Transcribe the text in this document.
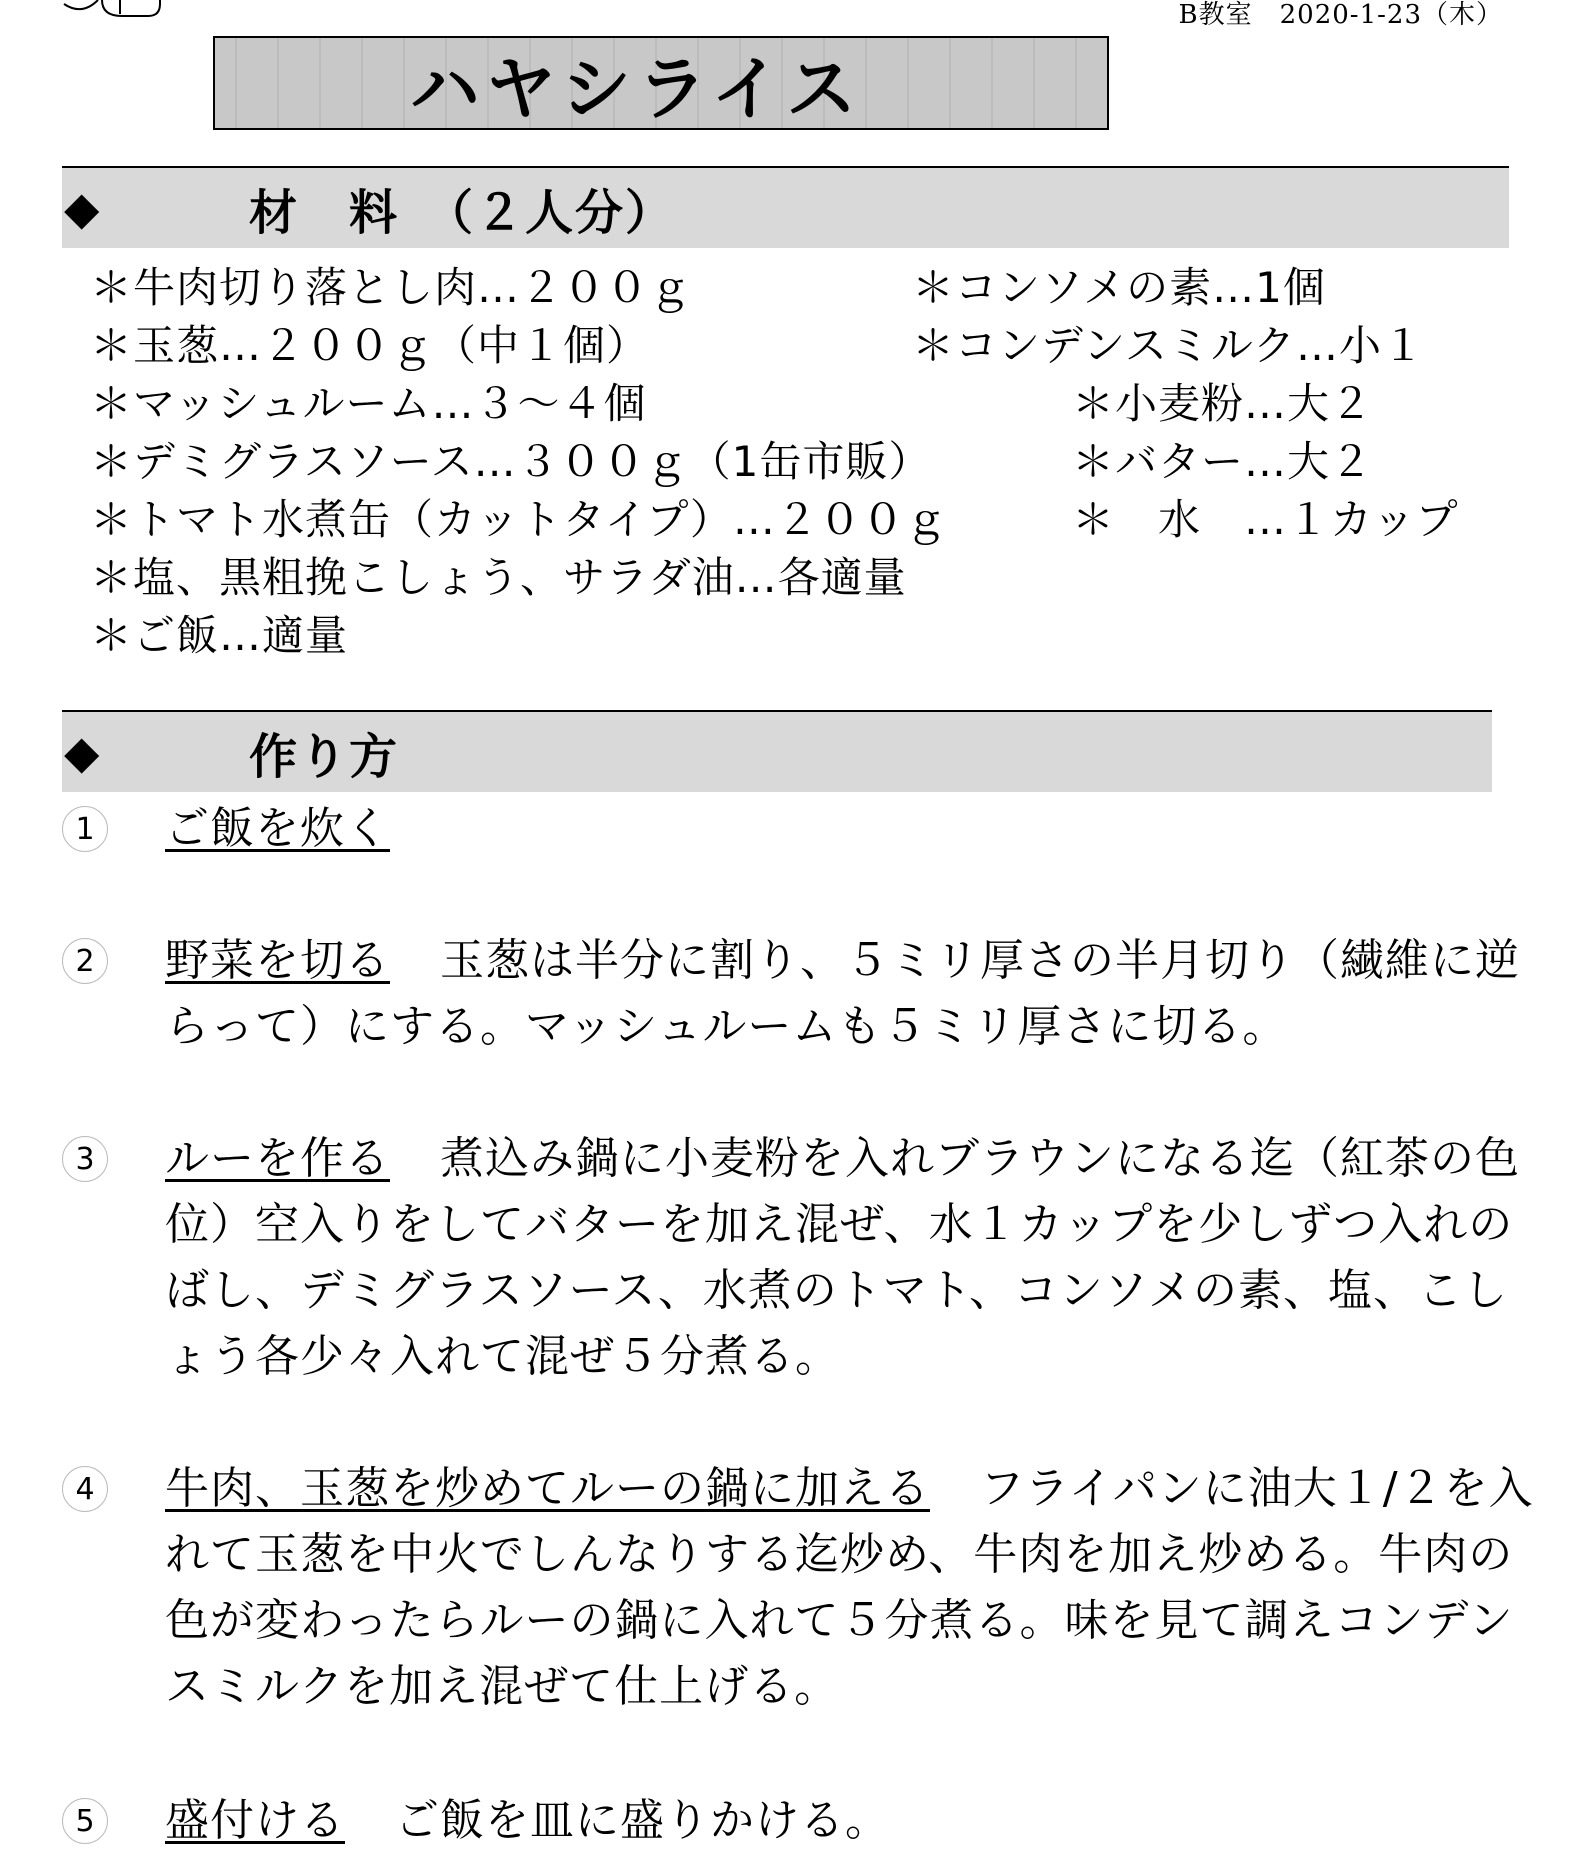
B教室　2020-1-23（木）
ハヤシライス
◆	材　料　（２人分）
＊牛肉切り落とし肉…２００ｇ
＊玉葱…２００ｇ（中１個）
＊マッシュルーム…３～４個
＊デミグラスソース…３００ｇ（1缶市販）
＊トマト水煮缶（カットタイプ）…２００ｇ
＊塩、黒粗挽こしょう、サラダ油…各適量
＊ご飯…適量
＊コンソメの素…1個
＊コンデンスミルク…小１
＊小麦粉…大２
＊バター…大２
＊　水　…１カップ
◆	作り方
1	ご飯を炊く
2	野菜を切る 玉葱は半分に割り、５ミリ厚さの半月切り（繊維に逆らって）にする。マッシュルームも５ミリ厚さに切る。
3	ルーを作る 煮込み鍋に小麦粉を入れブラウンになる迄（紅茶の色位）空入りをしてバターを加え混ぜ、水１カップを少しずつ入れのばし、デミグラスソース、水煮のトマト、コンソメの素、塩、こしょう各少々入れて混ぜ５分煮る。
4	牛肉、玉葱を炒めてルーの鍋に加える フライパンに油大１/２を入れて玉葱を中火でしんなりする迄炒め、牛肉を加え炒める。牛肉の色が変わったらルーの鍋に入れて５分煮る。味を見て調えコンデンスミルクを加え混ぜて仕上げる。
5	盛付ける ご飯を皿に盛りかける。
